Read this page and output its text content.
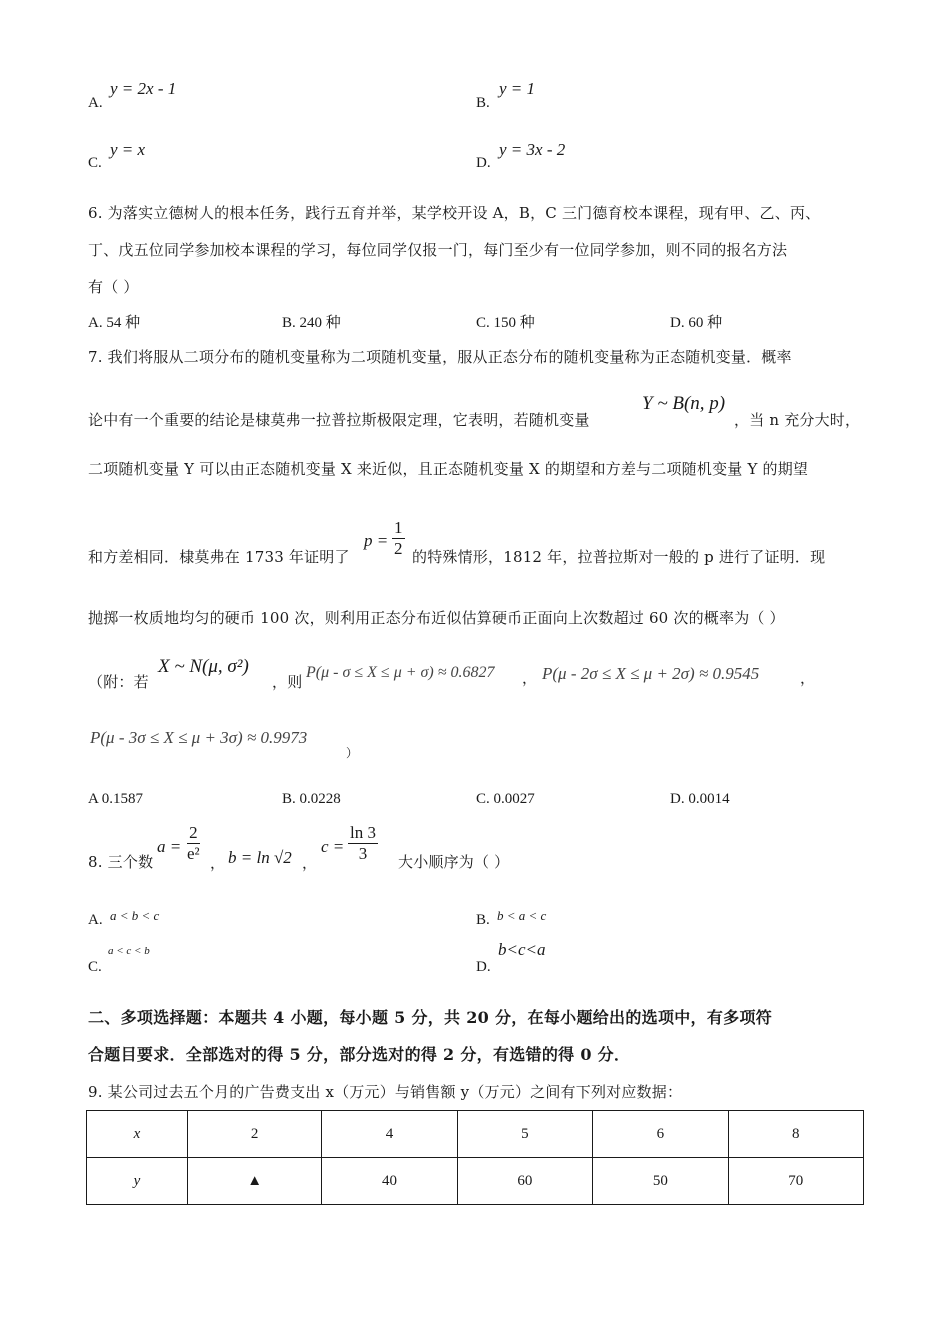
A.
y = 2x - 1
B.
y = 1
C.
y = x
D.
y = 3x - 2
6. 为落实立德树人的根本任务，践行五育并举，某学校开设 A，B，C 三门德育校本课程，现有甲、乙、丙、
丁、戊五位同学参加校本课程的学习，每位同学仅报一门，每门至少有一位同学参加，则不同的报名方法
有（ ）
A. 54 种	B. 240 种	C. 150 种	D. 60 种
7. 我们将服从二项分布的随机变量称为二项随机变量，服从正态分布的随机变量称为正态随机变量．概率
论中有一个重要的结论是棣莫弗一拉普拉斯极限定理，它表明，若随机变量
Y ~ B(n, p)
，当 n 充分大时，
二项随机变量 Y 可以由正态随机变量 X 来近似，且正态随机变量 X 的期望和方差与二项随机变量 Y 的期望
和方差相同．棣莫弗在 1733 年证明了
$p = \frac{1}{2}$ 的特殊情形，1812 年，拉普拉斯对一般的 p 进行了证明．现
抛掷一枚质地均匀的硬币 100 次，则利用正态分布近似估算硬币正面向上次数超过 60 次的概率为（ ）
（附：若
X ~ N(μ, σ²)
，则
P(μ - σ ≤ X ≤ μ + σ) ≈ 0.6827 ， P(μ - 2σ ≤ X ≤ μ + 2σ) ≈ 0.9545	，
P(μ - 3σ ≤ X ≤ μ + 3σ) ≈ 0.9973
）
A 0.1587	B. 0.0228	C. 0.0027	D. 0.0014
8. 三个数
$a = \frac{2}{\text{e²}}$ ， b = ln √2 ，
$c = \frac{\ln 3}{3}$ 大小顺序为（ ）
A. a < b < c	B. b < a < c
C.
a < c < b
D.
b<c<a
二、多项选择题：本题共 4 小题，每小题 5 分，共 20 分，在每小题给出的选项中，有多项符
合题目要求．全部选对的得 5 分，部分选对的得 2 分，有选错的得 0 分．
9. 某公司过去五个月的广告费支出 x（万元）与销售额 y（万元）之间有下列对应数据：
x	2	4	5	6	8
y	▲	40	60	50	70
